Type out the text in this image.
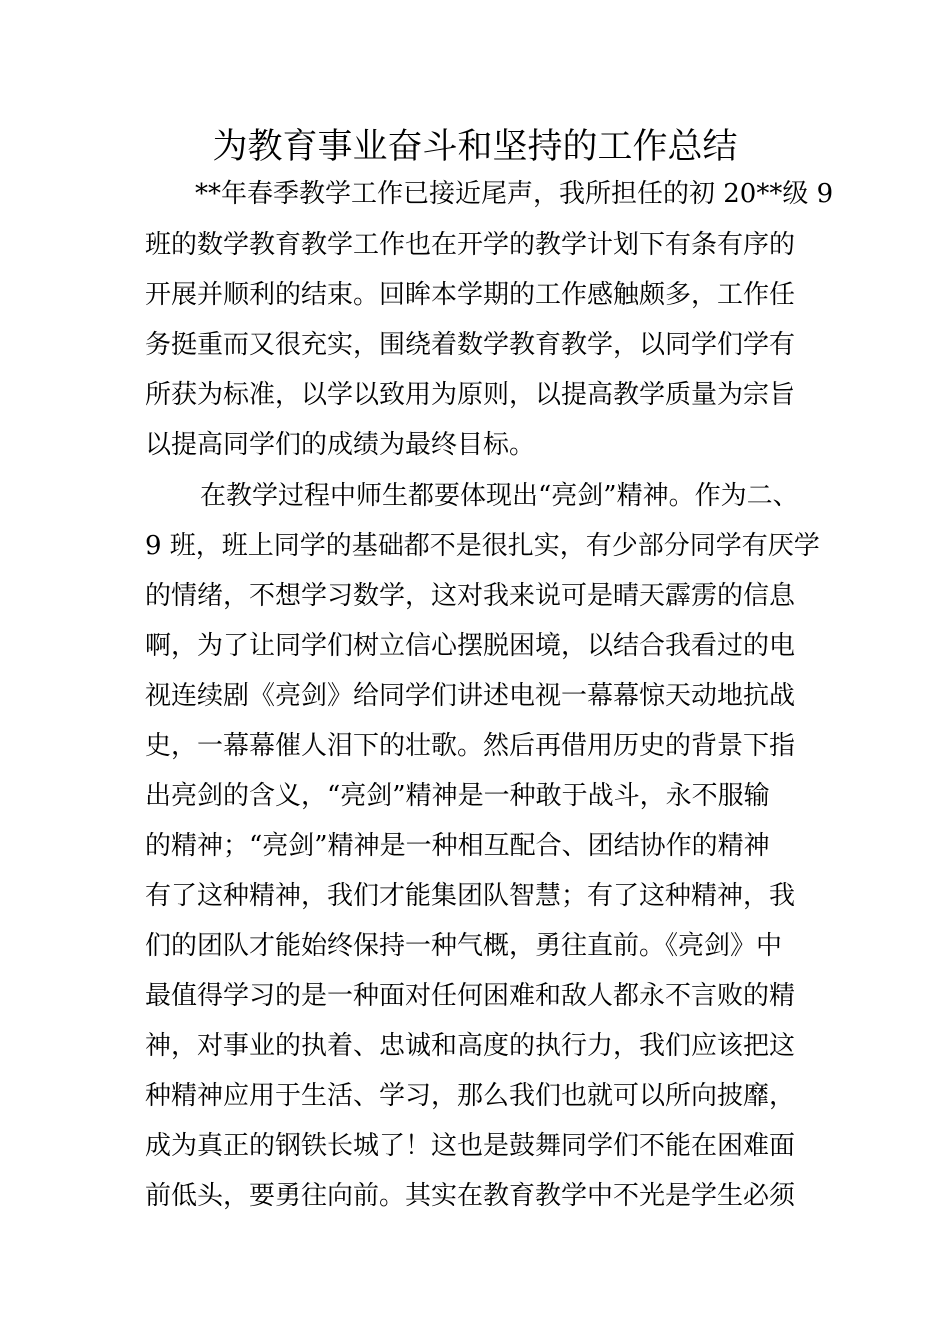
为教育事业奋斗和坚持的工作总结

**年春季教学工作已接近尾声，我所担任的初 20**级 9

班的数学教育教学工作也在开学的教学计划下有条有序的

开展并顺利的结束。回眸本学期的工作感触颇多，工作任

务挺重而又很充实，围绕着数学教育教学，以同学们学有

所获为标准，以学以致用为原则，以提高教学质量为宗旨

以提高同学们的成绩为最终目标。

在教学过程中师生都要体现出“亮剑”精神。作为二、

9 班，班上同学的基础都不是很扎实，有少部分同学有厌学

的情绪，不想学习数学，这对我来说可是晴天霹雳的信息

啊，为了让同学们树立信心摆脱困境，以结合我看过的电

视连续剧《亮剑》给同学们讲述电视一幕幕惊天动地抗战

史，一幕幕催人泪下的壮歌。然后再借用历史的背景下指

出亮剑的含义，“亮剑”精神是一种敢于战斗，永不服输

的精神；“亮剑”精神是一种相互配合、团结协作的精神

有了这种精神，我们才能集团队智慧；有了这种精神，我

们的团队才能始终保持一种气概，勇往直前。《亮剑》中

最值得学习的是一种面对任何困难和敌人都永不言败的精

神，对事业的执着、忠诚和高度的执行力，我们应该把这

种精神应用于生活、学习，那么我们也就可以所向披靡，

成为真正的钢铁长城了！这也是鼓舞同学们不能在困难面

前低头，要勇往向前。其实在教育教学中不光是学生必须
